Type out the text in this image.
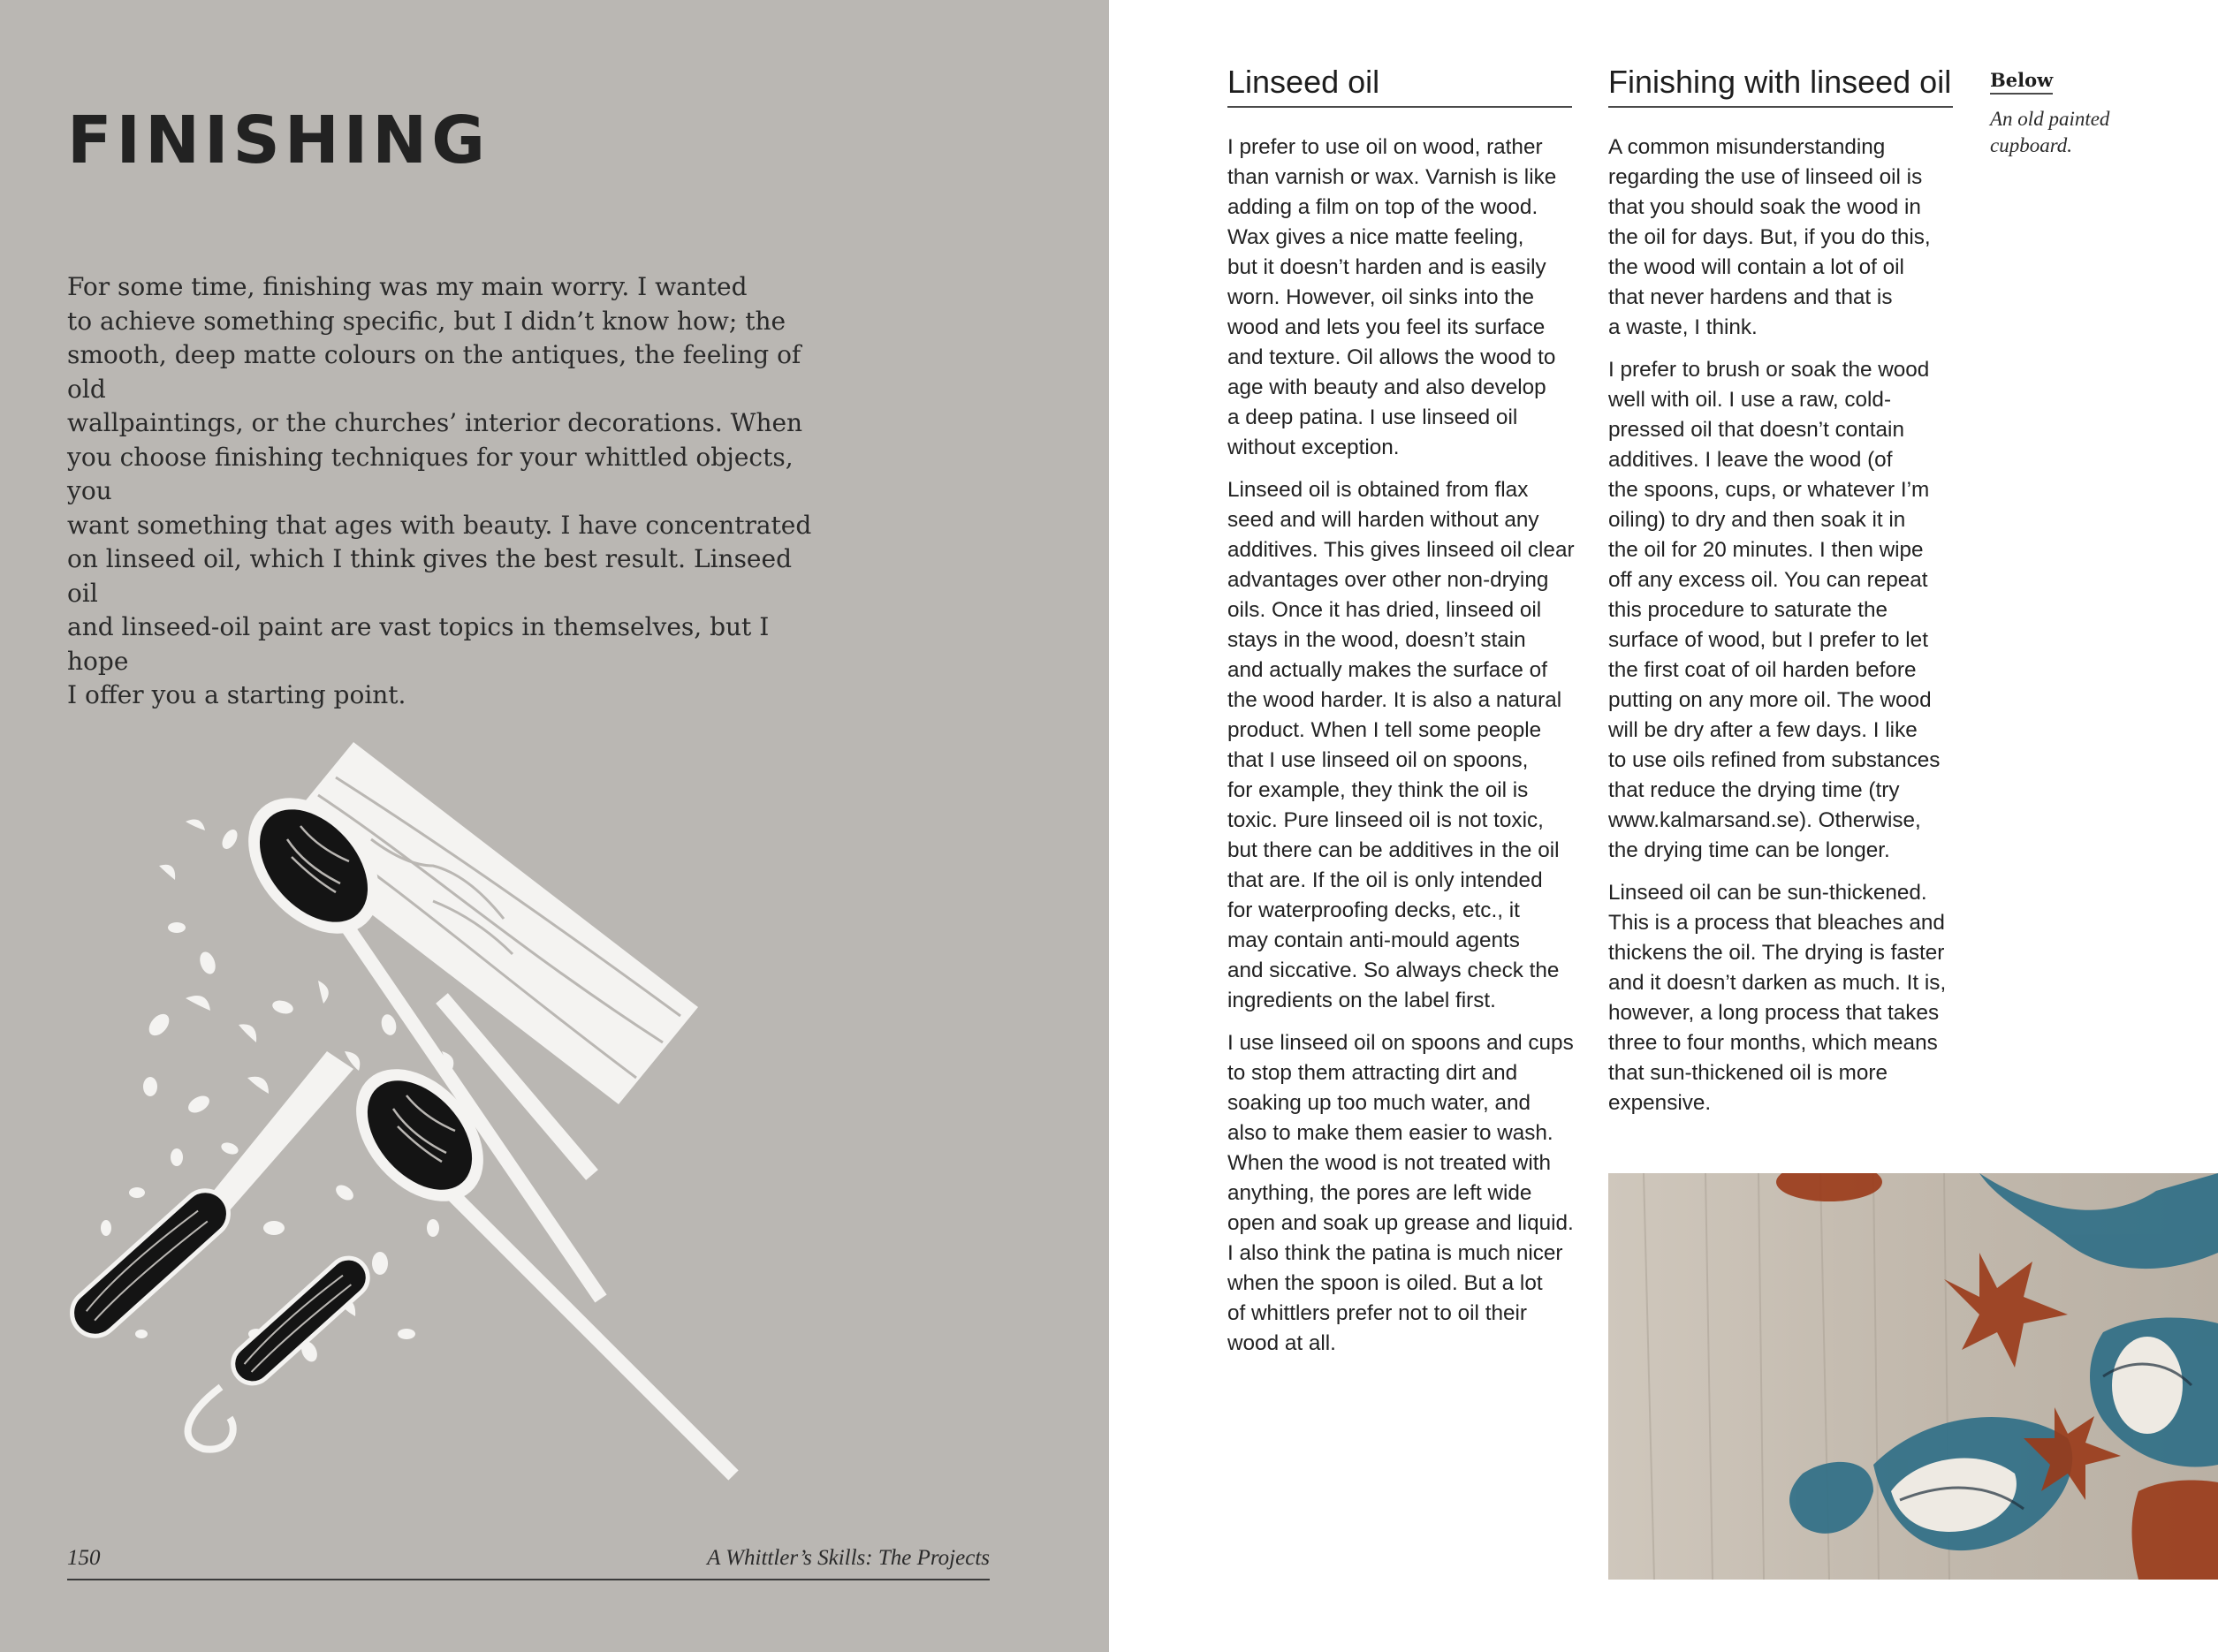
FINISHING

For some time, finishing was my main worry. I wanted
to achieve something specific, but I didn’t know how; the
smooth, deep matte colours on the antiques, the feeling of old
wallpaintings, or the churches’ interior decorations. When
you choose finishing techniques for your whittled objects, you
want something that ages with beauty. I have concentrated
on linseed oil, which I think gives the best result. Linseed oil
and linseed-oil paint are vast topics in themselves, but I hope
I offer you a starting point.

150	A Whittler’s Skills: The Projects

Linseed oil

I prefer to use oil on wood, rather
than varnish or wax. Varnish is like
adding a film on top of the wood.
Wax gives a nice matte feeling,
but it doesn’t harden and is easily
worn. However, oil sinks into the
wood and lets you feel its surface
and texture. Oil allows the wood to
age with beauty and also develop
a deep patina. I use linseed oil
without exception.

Linseed oil is obtained from flax
seed and will harden without any
additives. This gives linseed oil clear
advantages over other non-drying
oils. Once it has dried, linseed oil
stays in the wood, doesn’t stain
and actually makes the surface of
the wood harder. It is also a natural
product. When I tell some people
that I use linseed oil on spoons,
for example, they think the oil is
toxic. Pure linseed oil is not toxic,
but there can be additives in the oil
that are. If the oil is only intended
for waterproofing decks, etc., it
may contain anti-mould agents
and siccative. So always check the
ingredients on the label first.

I use linseed oil on spoons and cups
to stop them attracting dirt and
soaking up too much water, and
also to make them easier to wash.
When the wood is not treated with
anything, the pores are left wide
open and soak up grease and liquid.
I also think the patina is much nicer
when the spoon is oiled. But a lot
of whittlers prefer not to oil their
wood at all.

Finishing with linseed oil

A common misunderstanding
regarding the use of linseed oil is
that you should soak the wood in
the oil for days. But, if you do this,
the wood will contain a lot of oil
that never hardens and that is
a waste, I think.

I prefer to brush or soak the wood
well with oil. I use a raw, cold-
pressed oil that doesn’t contain
additives. I leave the wood (of
the spoons, cups, or whatever I’m
oiling) to dry and then soak it in
the oil for 20 minutes. I then wipe
off any excess oil. You can repeat
this procedure to saturate the
surface of wood, but I prefer to let
the first coat of oil harden before
putting on any more oil. The wood
will be dry after a few days. I like
to use oils refined from substances
that reduce the drying time (try
www.kalmarsand.se). Otherwise,
the drying time can be longer.

Linseed oil can be sun-thickened.
This is a process that bleaches and
thickens the oil. The drying is faster
and it doesn’t darken as much. It is,
however, a long process that takes
three to four months, which means
that sun-thickened oil is more
expensive.

Below

An old painted
cupboard.
